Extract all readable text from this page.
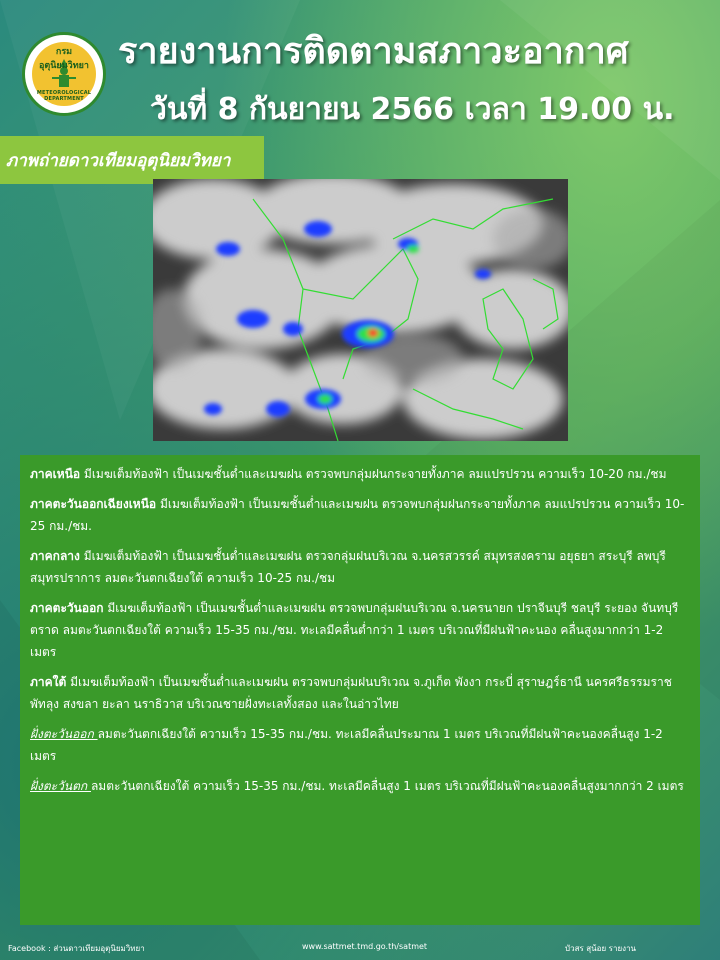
กรมอุตุนิยมวิทยา
METEOROLOGICAL DEPARTMENT
รายงานการติดตามสภาวะอากาศ
วันที่ 8 กันยายน 2566 เวลา 19.00 น.
ภาพถ่ายดาวเทียมอุตุนิยมวิทยา

ภาคเหนือ มีเมฆเต็มท้องฟ้า เป็นเมฆชั้นต่ำและเมฆฝน ตรวจพบกลุ่มฝนกระจายทั้งภาค ลมแปรปรวน ความเร็ว 10-20 กม./ชม

ภาคตะวันออกเฉียงเหนือ มีเมฆเต็มท้องฟ้า เป็นเมฆชั้นต่ำและเมฆฝน ตรวจพบกลุ่มฝนกระจายทั้งภาค ลมแปรปรวน ความเร็ว 10-25 กม./ชม.

ภาคกลาง มีเมฆเต็มท้องฟ้า เป็นเมฆชั้นต่ำและเมฆฝน ตรวจกลุ่มฝนบริเวณ จ.นครสวรรค์ สมุทรสงคราม อยุธยา สระบุรี ลพบุรี สมุทรปราการ ลมตะวันตกเฉียงใต้ ความเร็ว 10-25 กม./ชม

ภาคตะวันออก มีเมฆเต็มท้องฟ้า เป็นเมฆชั้นต่ำและเมฆฝน ตรวจพบกลุ่มฝนบริเวณ จ.นครนายก ปราจีนบุรี ชลบุรี ระยอง จันทบุรี ตราด ลมตะวันตกเฉียงใต้ ความเร็ว 15-35 กม./ชม. ทะเลมีคลื่นต่ำกว่า 1 เมตร บริเวณที่มีฝนฟ้าคะนอง คลื่นสูงมากกว่า 1-2 เมตร

ภาคใต้ มีเมฆเต็มท้องฟ้า เป็นเมฆชั้นต่ำและเมฆฝน ตรวจพบกลุ่มฝนบริเวณ จ.ภูเก็ต พังงา กระบี่ สุราษฎร์ธานี นครศรีธรรมราช พัทลุง สงขลา ยะลา นราธิวาส บริเวณชายฝั่งทะเลทั้งสอง และในอ่าวไทย

ฝั่งตะวันออก ลมตะวันตกเฉียงใต้ ความเร็ว 15-35 กม./ชม. ทะเลมีคลื่นประมาณ 1 เมตร บริเวณที่มีฝนฟ้าคะนองคลื่นสูง 1-2 เมตร

ฝั่งตะวันตก ลมตะวันตกเฉียงใต้ ความเร็ว 15-35 กม./ชม. ทะเลมีคลื่นสูง 1 เมตร บริเวณที่มีฝนฟ้าคะนองคลื่นสูงมากกว่า 2 เมตร

Facebook : ส่วนดาวเทียมอุตุนิยมวิทยา	www.sattmet.tmd.go.th/satmet	บัวสร สุน้อย รายงาน
